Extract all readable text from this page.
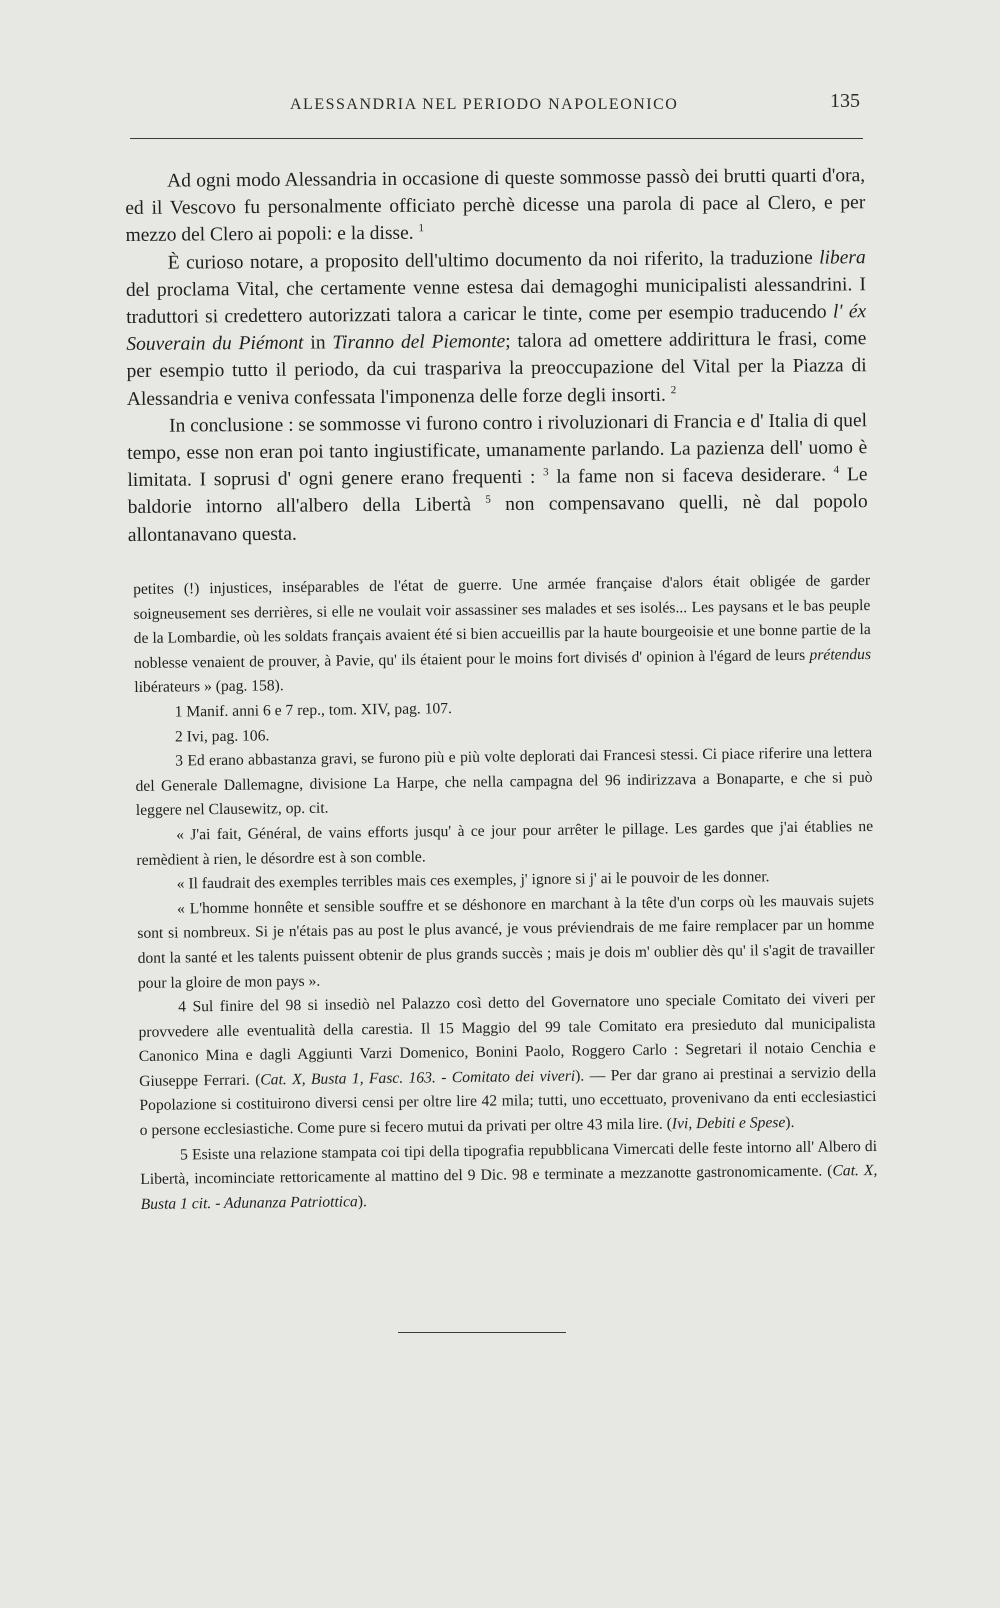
ALESSANDRIA NEL PERIODO NAPOLEONICO	135

Ad ogni modo Alessandria in occasione di queste sommosse passò dei brutti quarti d'ora, ed il Vescovo fu personalmente officiato perchè dicesse una parola di pace al Clero, e per mezzo del Clero ai popoli: e la disse. $^1$

È curioso notare, a proposito dell'ultimo documento da noi riferito, la traduzione libera del proclama Vital, che certamente venne estesa dai demagoghi municipalisti alessandrini. I traduttori si credettero autorizzati talora a caricar le tinte, come per esempio traducendo l' éx Souverain du Piémont in Tiranno del Piemonte; talora ad omettere addirittura le frasi, come per esempio tutto il periodo, da cui traspariva la preoccupazione del Vital per la Piazza di Alessandria e veniva confessata l'imponenza delle forze degli insorti. $^2$

In conclusione : se sommosse vi furono contro i rivoluzionari di Francia e d' Italia di quel tempo, esse non eran poi tanto ingiustificate, umanamente parlando. La pazienza dell' uomo è limitata. I soprusi d' ogni genere erano frequenti : $^3$ la fame non si faceva desiderare. $^4$ Le baldorie intorno all'albero della Libertà $^5$ non compensavano quelli, nè dal popolo allontanavano questa.

petites (!) injustices, inséparables de l'état de guerre. Une armée française d'alors était obligée de garder soigneusement ses derrières, si elle ne voulait voir assassiner ses malades et ses isolés... Les paysans et le bas peuple de la Lombardie, où les soldats français avaient été si bien accueillis par la haute bourgeoisie et une bonne partie de la noblesse venaient de prouver, à Pavie, qu' ils étaient pour le moins fort divisés d' opinion à l'égard de leurs prétendus libérateurs » (pag. 158).

1 Manif. anni 6 e 7 rep., tom. XIV, pag. 107.

2 Ivi, pag. 106.

3 Ed erano abbastanza gravi, se furono più e più volte deplorati dai Francesi stessi. Ci piace riferire una lettera del Generale Dallemagne, divisione La Harpe, che nella campagna del 96 indirizzava a Bonaparte, e che si può leggere nel Clausewitz, op. cit.

« J'ai fait, Général, de vains efforts jusqu' à ce jour pour arrêter le pillage. Les gardes que j'ai établies ne remèdient à rien, le désordre est à son comble.

« Il faudrait des exemples terribles mais ces exemples, j' ignore si j' ai le pouvoir de les donner.

« L'homme honnête et sensible souffre et se déshonore en marchant à la tête d'un corps où les mauvais sujets sont si nombreux. Si je n'étais pas au post le plus avancé, je vous préviendrais de me faire remplacer par un homme dont la santé et les talents puissent obtenir de plus grands succès ; mais je dois m' oublier dès qu' il s'agit de travailler pour la gloire de mon pays ».

4 Sul finire del 98 si insediò nel Palazzo così detto del Governatore uno speciale Comitato dei viveri per provvedere alle eventualità della carestia. Il 15 Maggio del 99 tale Comitato era presieduto dal municipalista Canonico Mina e dagli Aggiunti Varzi Domenico, Bonini Paolo, Roggero Carlo : Segretari il notaio Cenchia e Giuseppe Ferrari. (Cat. X, Busta 1, Fasc. 163. - Comitato dei viveri). — Per dar grano ai prestinai a servizio della Popolazione si costituirono diversi censi per oltre lire 42 mila; tutti, uno eccettuato, provenivano da enti ecclesiastici o persone ecclesiastiche. Come pure si fecero mutui da privati per oltre 43 mila lire. (Ivi, Debiti e Spese).

5 Esiste una relazione stampata coi tipi della tipografia repubblicana Vimercati delle feste intorno all' Albero di Libertà, incominciate rettoricamente al mattino del 9 Dic. 98 e terminate a mezzanotte gastronomicamente. (Cat. X, Busta 1 cit. - Adunanza Patriottica).
